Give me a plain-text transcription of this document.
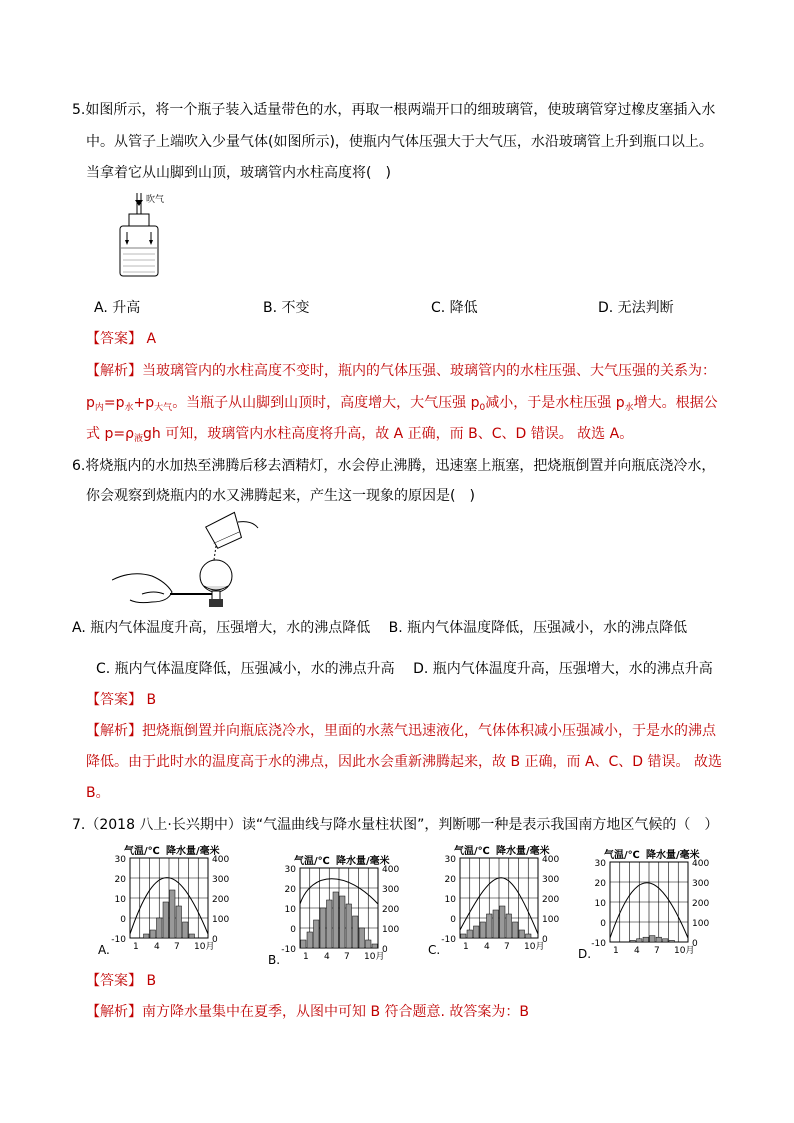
5.如图所示，将一个瓶子装入适量带色的水，再取一根两端开口的细玻璃管，使玻璃管穿过橡皮塞插入水
中。从管子上端吹入少量气体(如图所示)，使瓶内气体压强大于大气压，水沿玻璃管上升到瓶口以上。
当拿着它从山脚到山顶，玻璃管内水柱高度将(　)
吹气
A. 升高	B. 不变	C. 降低	D. 无法判断
【答案】 A
【解析】当玻璃管内的水柱高度不变时，瓶内的气体压强、玻璃管内的水柱压强、大气压强的关系为：
$p_内=p_水+p_{大气}$。当瓶子从山脚到山顶时，高度增大，大气压强 $p_0$减小，于是水柱压强 $p_水$增大。根据公
式 $p=\rho_液gh$ 可知，玻璃管内水柱高度将升高，故 A 正确，而 B、C、D 错误。 故选 A。
6.将烧瓶内的水加热至沸腾后移去酒精灯，水会停止沸腾，迅速塞上瓶塞，把烧瓶倒置并向瓶底浇冷水，
你会观察到烧瓶内的水又沸腾起来，产生这一现象的原因是(　)
A. 瓶内气体温度升高，压强增大，水的沸点降低　 B. 瓶内气体温度降低，压强减小，水的沸点降低
C. 瓶内气体温度降低，压强减小，水的沸点升高　 D. 瓶内气体温度升高，压强增大，水的沸点升高
【答案】 B
【解析】把烧瓶倒置并向瓶底浇冷水，里面的水蒸气迅速液化，气体体积减小压强减小，于是水的沸点
降低。由于此时水的温度高于水的沸点，因此水会重新沸腾起来，故 B 正确，而 A、C、D 错误。 故选
B。
7.（2018 八上·长兴期中）读“气温曲线与降水量柱状图”，判断哪一种是表示我国南方地区气候的（　）
气温/℃ 降水量/毫米
30
20
10
0
-10
400
300
200
100
0
1 4 7 10月
A.
气温/℃ 降水量/毫米
30
20
10
0
-10
400
300
200
100
0
1 4 7 10月
B.
气温/℃ 降水量/毫米
30
20
10
0
-10
400
300
200
100
0
1 4 7 10月
C.
气温/℃ 降水量/毫米
30
20
10
0
-10
400
300
200
100
0
1 4 7 10月
D.
【答案】 B
【解析】南方降水量集中在夏季，从图中可知 B 符合题意. 故答案为：B
